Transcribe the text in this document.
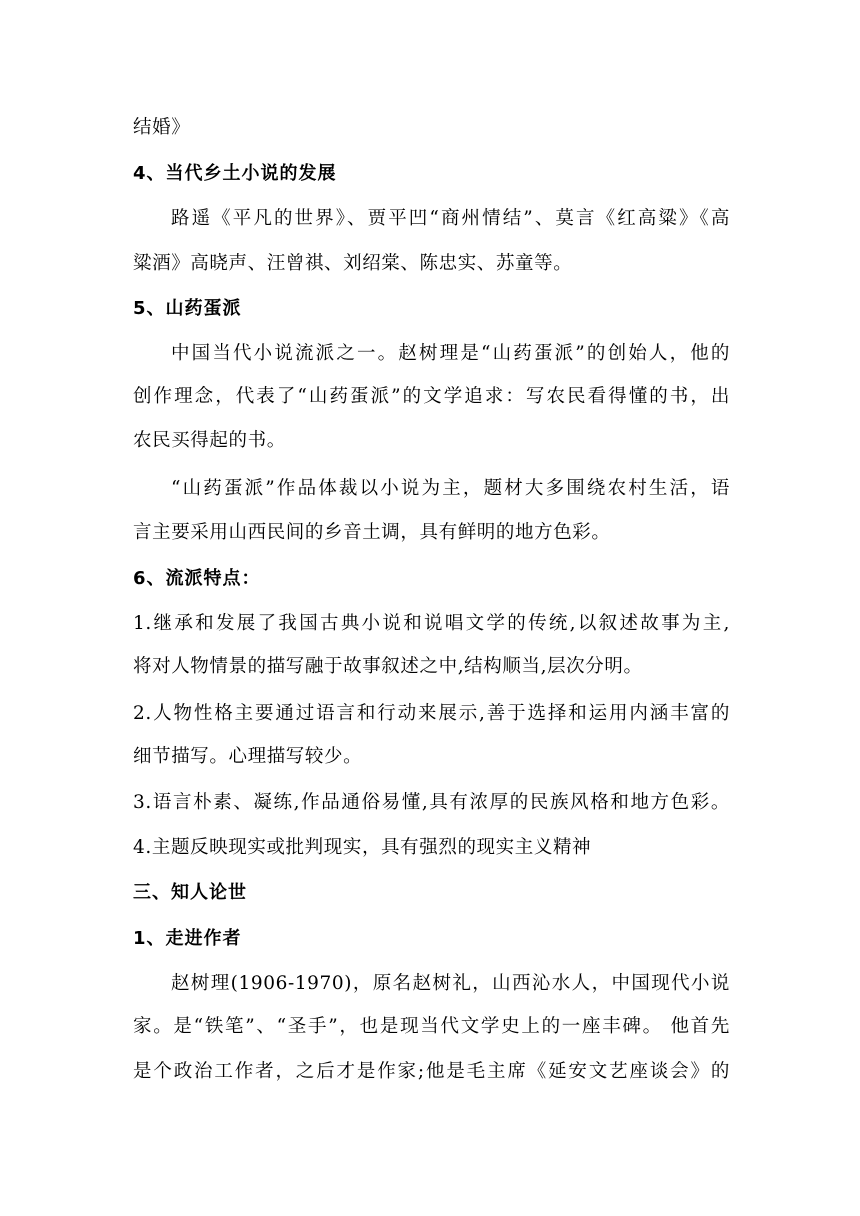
结婚》
4、当代乡土小说的发展
路遥《平凡的世界》、贾平凹“商州情结”、莫言《红高粱》《高
粱酒》高晓声、汪曾祺、刘绍棠、陈忠实、苏童等。
5、山药蛋派
中国当代小说流派之一。赵树理是“山药蛋派”的创始人，他的
创作理念，代表了“山药蛋派”的文学追求：写农民看得懂的书，出
农民买得起的书。
“山药蛋派”作品体裁以小说为主，题材大多围绕农村生活，语
言主要采用山西民间的乡音土调，具有鲜明的地方色彩。
6、流派特点：
1.继承和发展了我国古典小说和说唱文学的传统,以叙述故事为主,
将对人物情景的描写融于故事叙述之中,结构顺当,层次分明。
2.人物性格主要通过语言和行动来展示,善于选择和运用内涵丰富的
细节描写。心理描写较少。
3.语言朴素、凝练,作品通俗易懂,具有浓厚的民族风格和地方色彩。
4.主题反映现实或批判现实，具有强烈的现实主义精神
三、知人论世
1、走进作者
赵树理(1906-1970)，原名赵树礼，山西沁水人，中国现代小说
家。是“铁笔”、“圣手”，也是现当代文学史上的一座丰碑。 他首先
是个政治工作者，之后才是作家;他是毛主席《延安文艺座谈会》的
